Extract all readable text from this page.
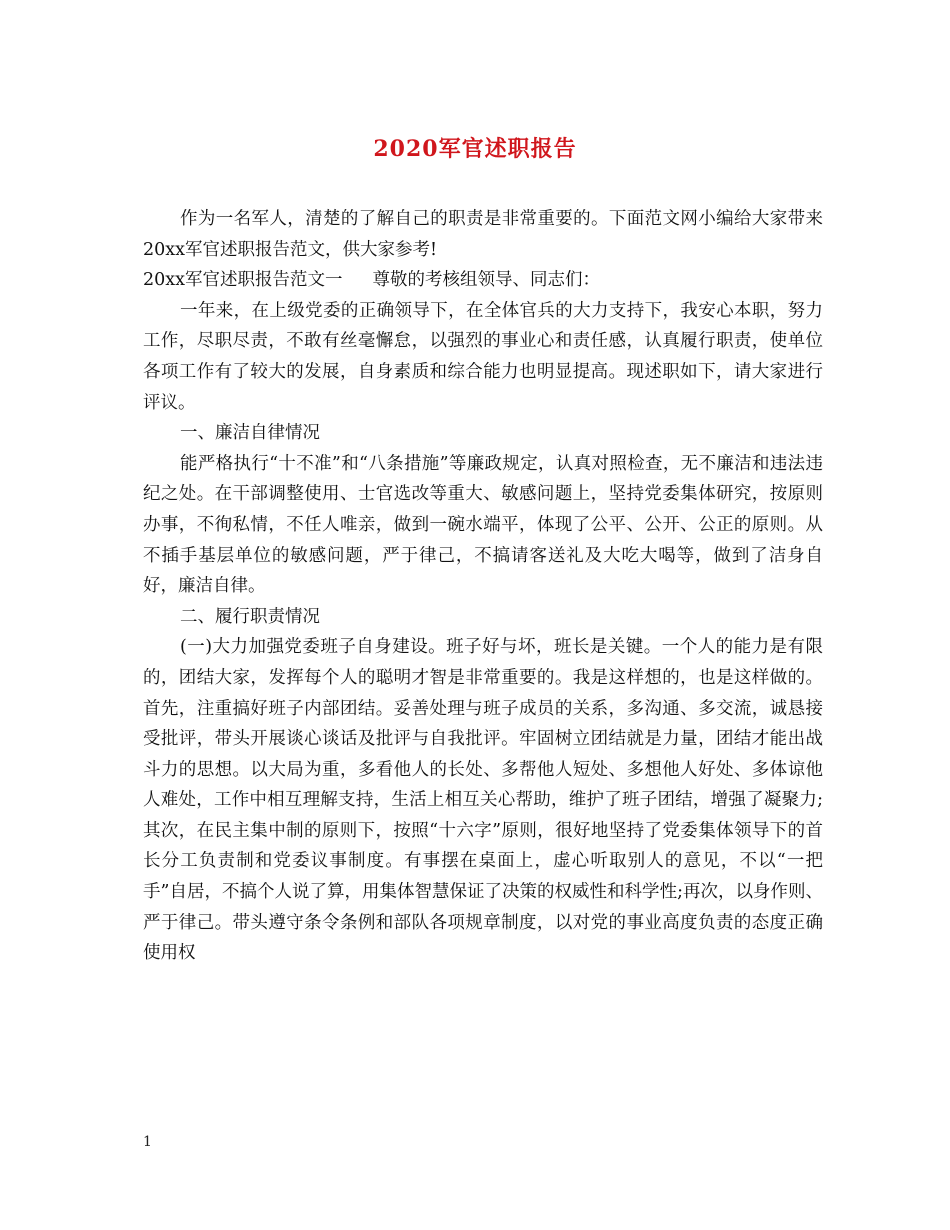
2020军官述职报告

作为一名军人，清楚的了解自己的职责是非常重要的。下面范文网小编给大家带来20xx军官述职报告范文，供大家参考!

20xx军官述职报告范文一 尊敬的考核组领导、同志们：

一年来，在上级党委的正确领导下，在全体官兵的大力支持下，我安心本职，努力工作，尽职尽责，不敢有丝毫懈怠，以强烈的事业心和责任感，认真履行职责，使单位各项工作有了较大的发展，自身素质和综合能力也明显提高。现述职如下，请大家进行评议。

一、廉洁自律情况

能严格执行“十不准”和“八条措施”等廉政规定，认真对照检查，无不廉洁和违法违纪之处。在干部调整使用、士官选改等重大、敏感问题上，坚持党委集体研究，按原则办事，不徇私情，不任人唯亲，做到一碗水端平，体现了公平、公开、公正的原则。从不插手基层单位的敏感问题，严于律己，不搞请客送礼及大吃大喝等，做到了洁身自好，廉洁自律。

二、履行职责情况

(一)大力加强党委班子自身建设。班子好与坏，班长是关键。一个人的能力是有限的，团结大家，发挥每个人的聪明才智是非常重要的。我是这样想的，也是这样做的。首先，注重搞好班子内部团结。妥善处理与班子成员的关系，多沟通、多交流，诚恳接受批评，带头开展谈心谈话及批评与自我批评。牢固树立团结就是力量，团结才能出战斗力的思想。以大局为重，多看他人的长处、多帮他人短处、多想他人好处、多体谅他人难处，工作中相互理解支持，生活上相互关心帮助，维护了班子团结，增强了凝聚力;其次，在民主集中制的原则下，按照“十六字”原则，很好地坚持了党委集体领导下的首长分工负责制和党委议事制度。有事摆在桌面上，虚心听取别人的意见，不以“一把手”自居，不搞个人说了算，用集体智慧保证了决策的权威性和科学性;再次，以身作则、严于律己。带头遵守条令条例和部队各项规章制度，以对党的事业高度负责的态度正确使用权

1
